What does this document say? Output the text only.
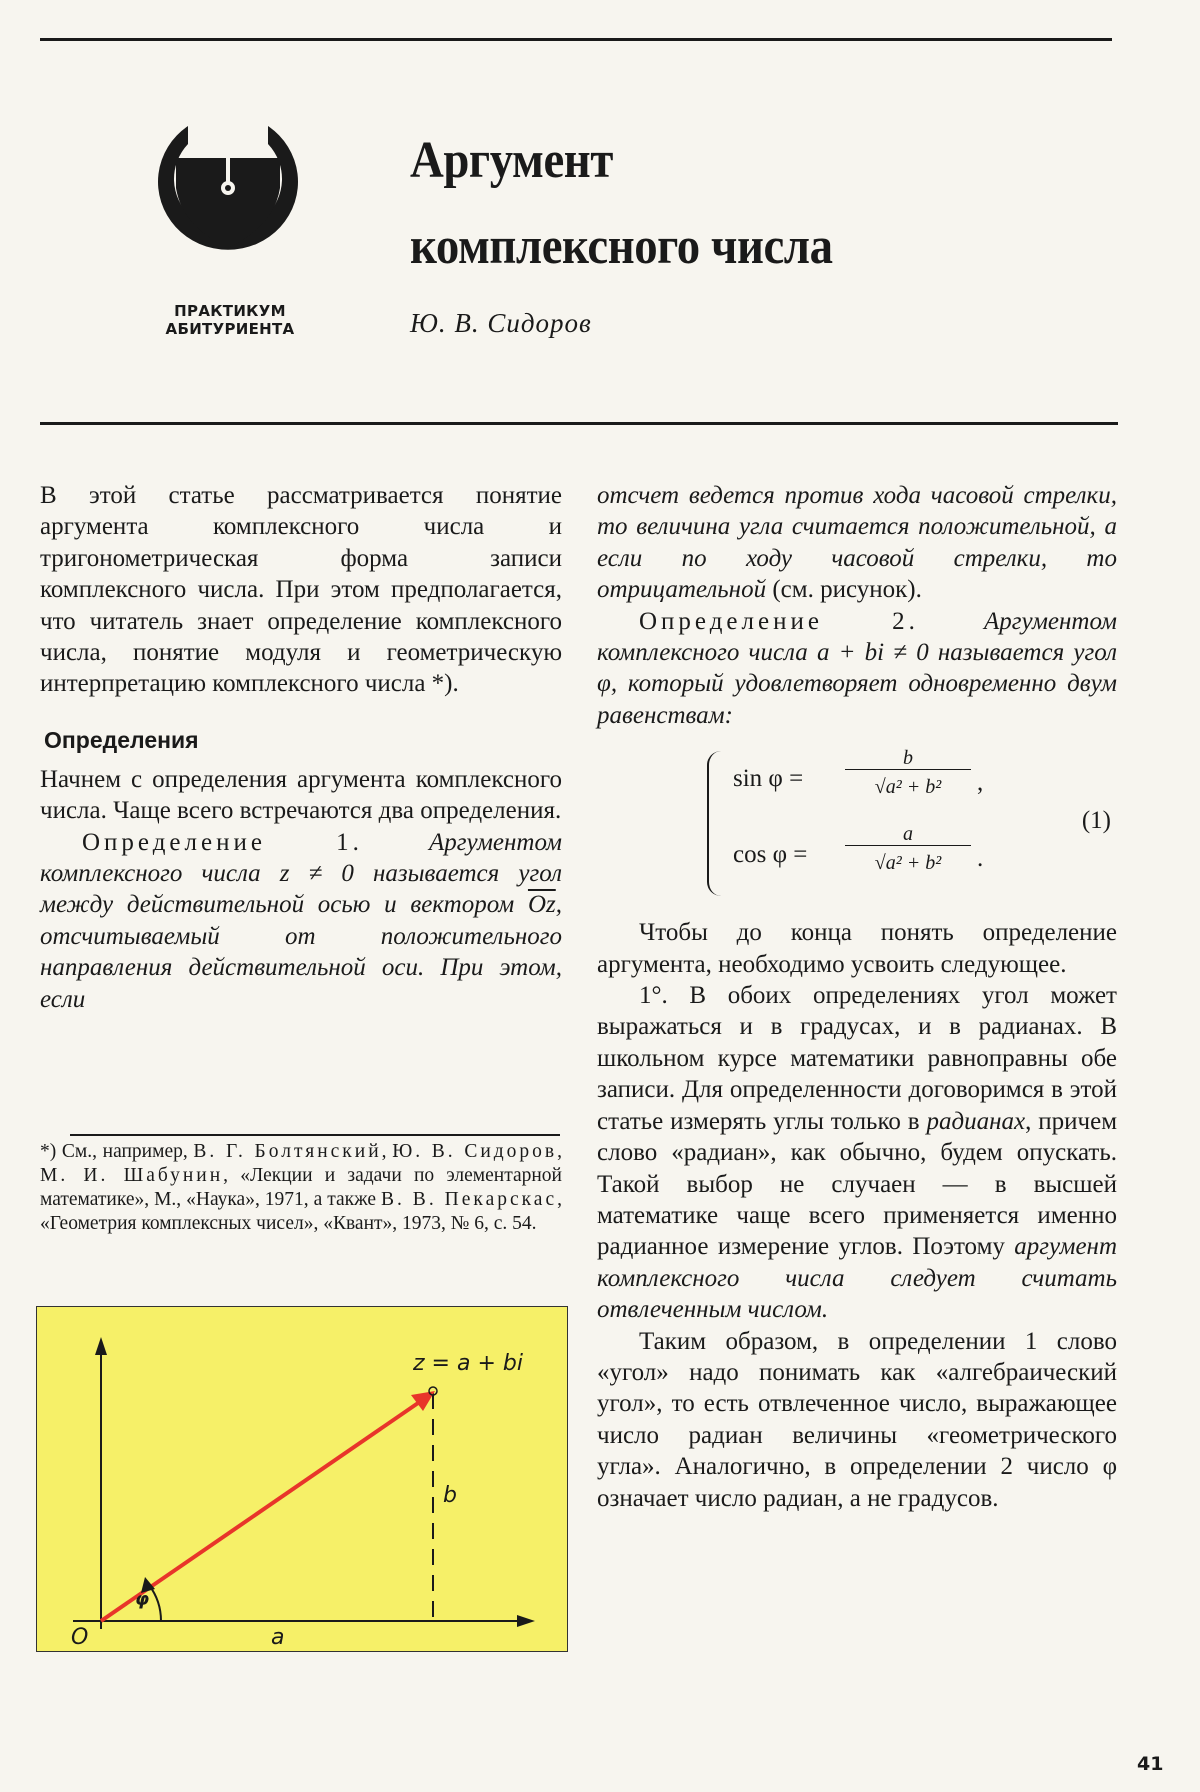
ПРАКТИКУМ
АБИТУРИЕНТА
Аргумент
комплексного числа
Ю. В. Сидоров

В этой статье рассматривается понятие аргумента комплексного числа и тригонометрическая форма записи комплексного числа. При этом предполагается, что читатель знает определение комплексного числа, понятие модуля и геометрическую интерпретацию комплексного числа *).

Определения

Начнем с определения аргумента комплексного числа. Чаще всего встречаются два определения.

Определение 1.	Аргументом комплексного числа z ≠ 0 называется угол между действительной осью и вектором $\overline{Oz}$, отсчитываемый от положительного направления действительной оси. При этом, если

*) См., например, В. Г. Болтянский, Ю. В. Сидоров, М. И. Шабунин, «Лекции и задачи по элементарной математике», М., «Наука», 1971, а также В. В. Пекарскас, «Геометрия комплексных чисел», «Квант», 1973, № 6, с. 54.
z = a + bi
O	a
b
φ

отсчет ведется против хода часовой стрелки, то величина угла считается положительной, а если по ходу часовой стрелки, то отрицательной (см. рисунок).

Определение 2.	Аргументом комплексного числа a + bi ≠ 0 называется угол φ, который удовлетворяет одновременно двум равенствам:

$\sin \varphi = \frac{b}{\text{√a² + b²}}$ ,
$\cos \varphi = \frac{a}{\text{√a² + b²}}$ .
(1)

Чтобы до конца понять определение аргумента, необходимо усвоить следующее.

1°. В обоих определениях угол может выражаться и в градусах, и в радианах. В школьном курсе математики равноправны обе записи. Для определенности договоримся в этой статье измерять углы только в радианах, причем слово «радиан», как обычно, будем опускать. Такой выбор не случаен — в высшей математике чаще всего применяется именно радианное измерение углов. Поэтому аргумент комплексного числа следует считать отвлеченным числом.

Таким образом, в определении 1 слово «угол» надо понимать как «алгебраический угол», то есть отвлеченное число, выражающее число радиан величины «геометрического угла». Аналогично, в определении 2 число φ означает число радиан, а не градусов.

41
